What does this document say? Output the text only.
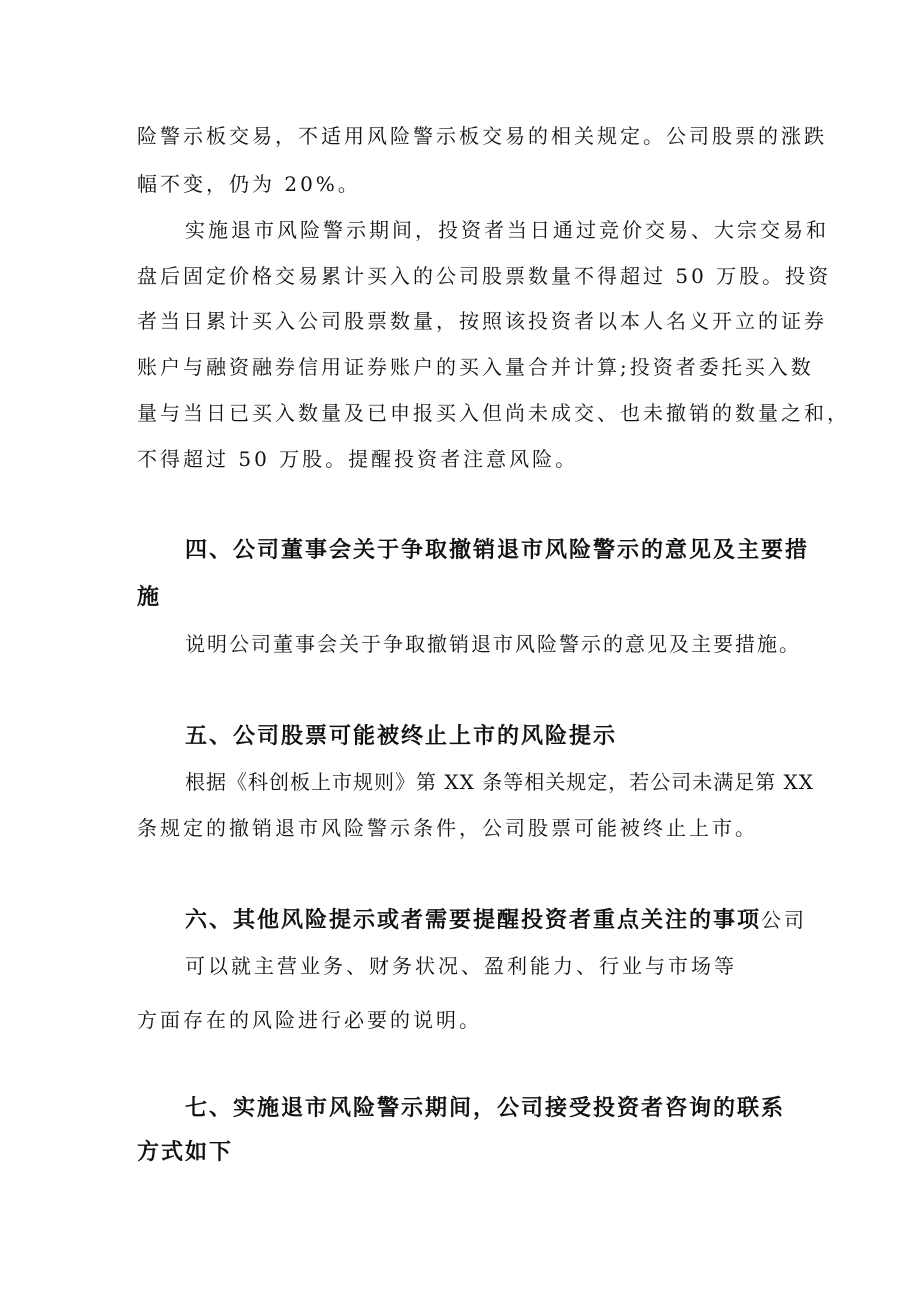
险警示板交易，不适用风险警示板交易的相关规定。公司股票的涨跌
幅不变，仍为 20%。
实施退市风险警示期间，投资者当日通过竞价交易、大宗交易和
盘后固定价格交易累计买入的公司股票数量不得超过 50 万股。投资
者当日累计买入公司股票数量，按照该投资者以本人名义开立的证券
账户与融资融券信用证券账户的买入量合并计算;投资者委托买入数
量与当日已买入数量及已申报买入但尚未成交、也未撤销的数量之和，
不得超过 50 万股。提醒投资者注意风险。
四、公司董事会关于争取撤销退市风险警示的意见及主要措
施
说明公司董事会关于争取撤销退市风险警示的意见及主要措施。
五、公司股票可能被终止上市的风险提示
根据《科创板上市规则》第 XX 条等相关规定，若公司未满足第 XX
条规定的撤销退市风险警示条件，公司股票可能被终止上市。
六、其他风险提示或者需要提醒投资者重点关注的事项公司
可以就主营业务、财务状况、盈利能力、行业与市场等
方面存在的风险进行必要的说明。
七、实施退市风险警示期间，公司接受投资者咨询的联系
方式如下
